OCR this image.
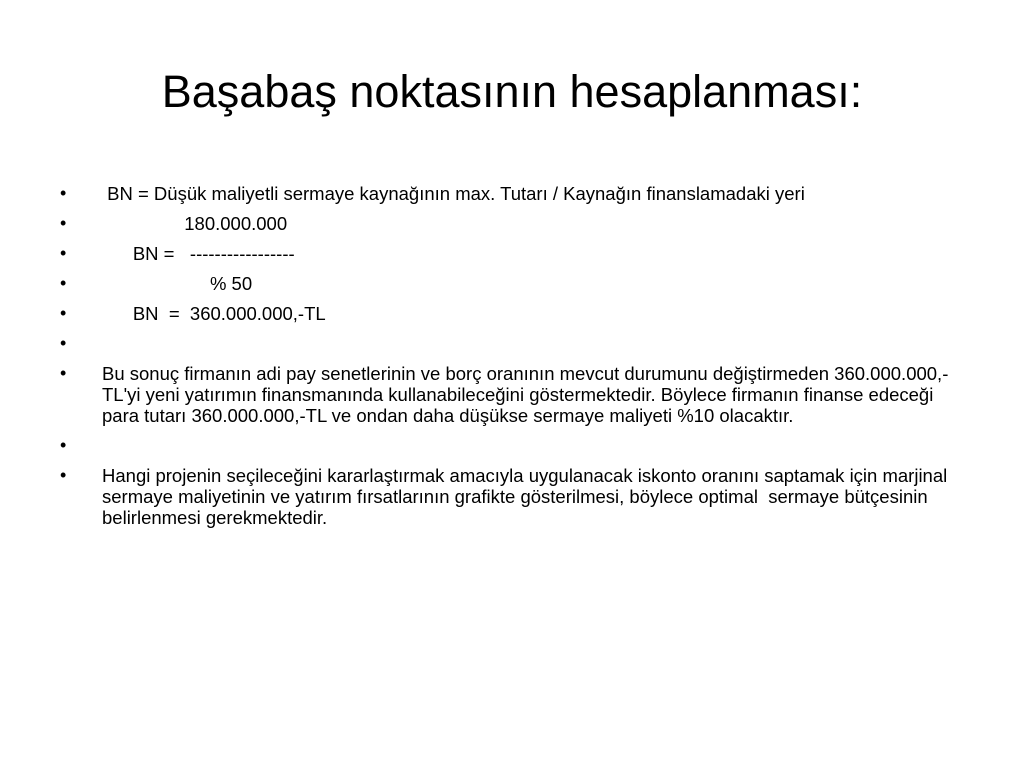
Başabaş noktasının hesaplanması:
•	BN = Düşük maliyetli sermaye kaynağının max. Tutarı / Kaynağın finanslamadaki yeri
•	180.000.000
•	BN =   -----------------
•	% 50
•	BN  =  360.000.000,-TL
•
•	Bu sonuç firmanın adi pay senetlerinin ve borç oranının mevcut durumunu değiştirmeden 360.000.000,-TL'yi yeni yatırımın finansmanında kullanabileceğini göstermektedir. Böylece firmanın finanse edeceği para tutarı 360.000.000,-TL ve ondan daha düşükse sermaye maliyeti %10 olacaktır.
•
•	Hangi projenin seçileceğini kararlaştırmak amacıyla uygulanacak iskonto oranını saptamak için marjinal sermaye maliyetinin ve yatırım fırsatlarının grafikte gösterilmesi, böylece optimal  sermaye bütçesinin belirlenmesi gerekmektedir.
